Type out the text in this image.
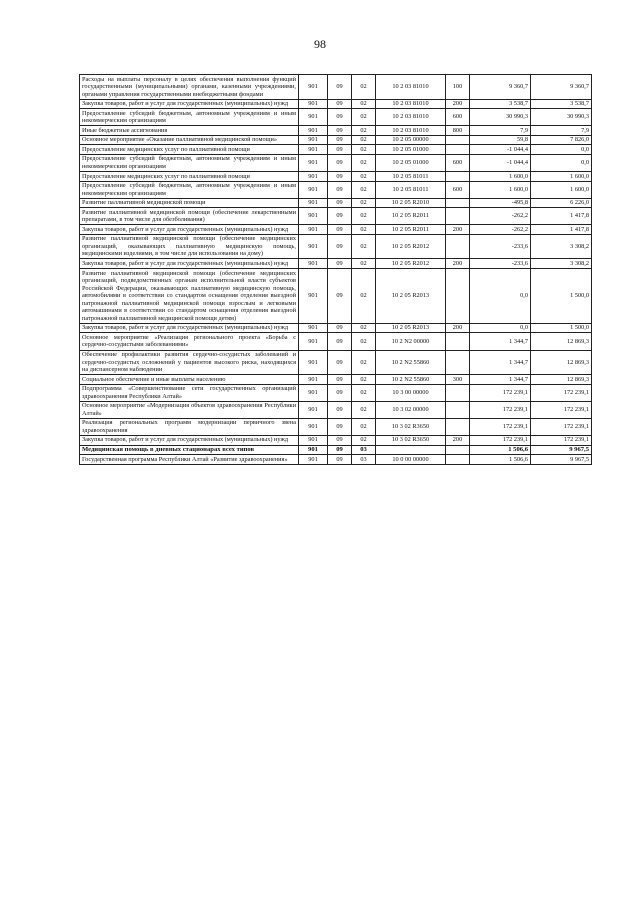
98
Расходы на выплаты персоналу в целях обеспечения выполнения функций государственными (муниципальными) органами, казенными учреждениями, органами управления государственными внебюджетными фондами	901	09	02	10 2 03 81010	100	9 360,7	9 360,7
Закупка товаров, работ и услуг для государственных (муниципальных) нужд	901	09	02	10 2 03 81010	200	3 538,7	3 538,7
Предоставление субсидий бюджетным, автономным учреждениям и иным некоммерческим организациям	901	09	02	10 2 03 81010	600	30 990,3	30 990,3
Иные бюджетные ассигнования	901	09	02	10 2 03 81010	800	7,9	7,9
Основное мероприятие «Оказание паллиативной медицинской помощи»	901	09	02	10 2 05 00000		59,8	7 826,0
Предоставление медицинских услуг по паллиативной помощи	901	09	02	10 2 05 01000		-1 044,4	0,0
Предоставление субсидий бюджетным, автономным учреждениям и иным некоммерческим организациям	901	09	02	10 2 05 01000	600	-1 044,4	0,0
Предоставление медицинских услуг по паллиативной помощи	901	09	02	10 2 05 81011		1 600,0	1 600,0
Предоставление субсидий бюджетным, автономным учреждениям и иным некоммерческим организациям	901	09	02	10 2 05 81011	600	1 600,0	1 600,0
Развитие паллиативной медицинской помощи	901	09	02	10 2 05 R2010		-495,8	6 226,0
Развитие паллиативной медицинской помощи (обеспечение лекарственными препаратами, в том числе для обезболивания)	901	09	02	10 2 05 R2011		-262,2	1 417,8
Закупка товаров, работ и услуг для государственных (муниципальных) нужд	901	09	02	10 2 05 R2011	200	-262,2	1 417,8
Развитие паллиативной медицинской помощи (обеспечение медицинских организаций, оказывающих паллиативную медицинскую помощь, медицинскими изделиями, в том числе для использования на дому)	901	09	02	10 2 05 R2012		-233,6	3 308,2
Закупка товаров, работ и услуг для государственных (муниципальных) нужд	901	09	02	10 2 05 R2012	200	-233,6	3 308,2
Развитие паллиативной медицинской помощи (обеспечение медицинских организаций, подведомственных органам исполнительной власти субъектов Российской Федерации, оказывающих паллиативную медицинскую помощь, автомобилями в соответствии со стандартом оснащения отделения выездной патронажной паллиативной медицинской помощи взрослым и легковыми автомашинами в соответствии со стандартом оснащения отделения выездной патронажной паллиативной медицинской помощи детям)	901	09	02	10 2 05 R2013		0,0	1 500,0
Закупка товаров, работ и услуг для государственных (муниципальных) нужд	901	09	02	10 2 05 R2013	200	0,0	1 500,0
Основное мероприятие «Реализация регионального проекта «Борьба с сердечно-сосудистыми заболеваниями»	901	09	02	10 2 N2 00000		1 344,7	12 869,3
Обеспечение профилактики развития сердечно-сосудистых заболеваний и сердечно-сосудистых осложнений у пациентов высокого риска, находящихся на диспансерном наблюдении	901	09	02	10 2 N2 55860		1 344,7	12 869,3
Социальное обеспечение и иные выплаты населению	901	09	02	10 2 N2 55860	300	1 344,7	12 869,3
Подпрограмма «Совершенствование сети государственных организаций здравоохранения Республики Алтай»	901	09	02	10 3 00 00000		172 239,1	172 239,1
Основное мероприятие «Модернизация объектов здравоохранения Республики Алтай»	901	09	02	10 3 02 00000		172 239,1	172 239,1
Реализация региональных программ модернизации первичного звена здравоохранения	901	09	02	10 3 02 R3650		172 239,1	172 239,1
Закупка товаров, работ и услуг для государственных (муниципальных) нужд	901	09	02	10 3 02 R3650	200	172 239,1	172 239,1
Медицинская помощь в дневных стационарах всех типов	901	09	03			1 506,6	9 967,5
Государственная программа Республики Алтай «Развитие здравоохранения»	901	09	03	10 0 00 00000		1 506,6	9 967,5
